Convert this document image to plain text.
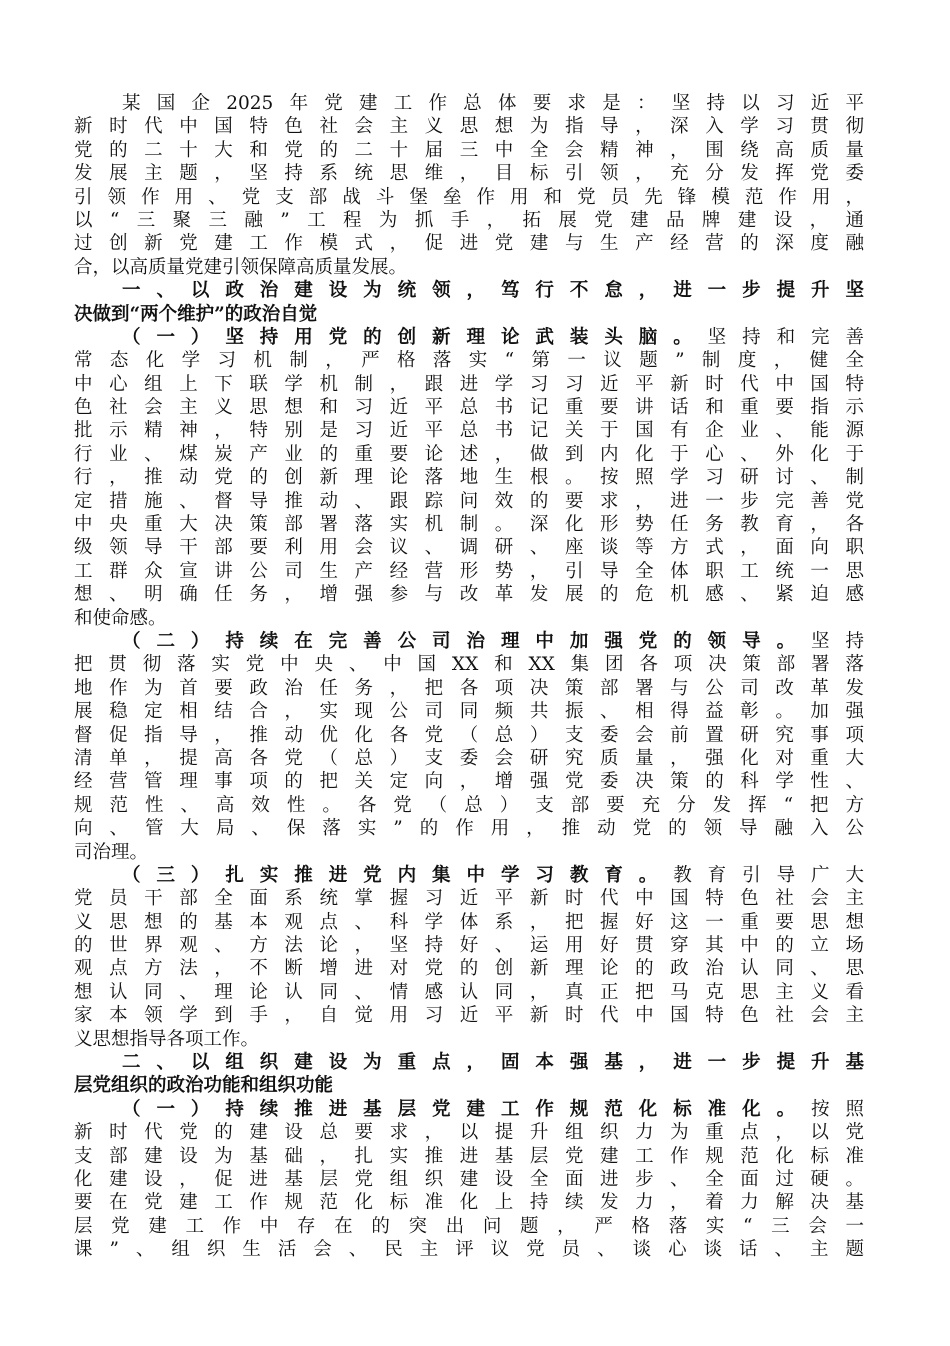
某国企2025年党建工作总体要求是：坚持以习近平
新时代中国特色社会主义思想为指导，深入学习贯彻
党的二十大和党的二十届三中全会精神，围绕高质量
发展主题，坚持系统思维，目标引领，充分发挥党委
引领作用、党支部战斗堡垒作用和党员先锋模范作用，
以“三聚三融”工程为抓手，拓展党建品牌建设，通
过创新党建工作模式，促进党建与生产经营的深度融
合，以高质量党建引领保障高质量发展。
一、以政治建设为统领，笃行不怠，进一步提升坚
决做到“两个维护”的政治自觉
（一）坚持用党的创新理论武装头脑。坚持和完善
常态化学习机制，严格落实“第一议题”制度，健全
中心组上下联学机制，跟进学习习近平新时代中国特
色社会主义思想和习近平总书记重要讲话和重要指示
批示精神，特别是习近平总书记关于国有企业、能源
行业、煤炭产业的重要论述，做到内化于心、外化于
行，推动党的创新理论落地生根。按照学习研讨、制
定措施、督导推动、跟踪问效的要求，进一步完善党
中央重大决策部署落实机制。深化形势任务教育，各
级领导干部要利用会议、调研、座谈等方式，面向职
工群众宣讲公司生产经营形势，引导全体职工统一思
想、明确任务，增强参与改革发展的危机感、紧迫感
和使命感。
（二）持续在完善公司治理中加强党的领导。坚持
把贯彻落实党中央、中国XX和XX集团各项决策部署落
地作为首要政治任务，把各项决策部署与公司改革发
展稳定相结合，实现公司同频共振、相得益彰。加强
督促指导，推动优化各党（总）支委会前置研究事项
清单，提高各党（总）支委会研究质量，强化对重大
经营管理事项的把关定向，增强党委决策的科学性、
规范性、高效性。各党（总）支部要充分发挥“把方
向、管大局、保落实”的作用，推动党的领导融入公
司治理。
（三）扎实推进党内集中学习教育。教育引导广大
党员干部全面系统掌握习近平新时代中国特色社会主
义思想的基本观点、科学体系，把握好这一重要思想
的世界观、方法论，坚持好、运用好贯穿其中的立场
观点方法，不断增进对党的创新理论的政治认同、思
想认同、理论认同、情感认同，真正把马克思主义看
家本领学到手，自觉用习近平新时代中国特色社会主
义思想指导各项工作。
二、以组织建设为重点，固本强基，进一步提升基
层党组织的政治功能和组织功能
（一）持续推进基层党建工作规范化标准化。按照
新时代党的建设总要求，以提升组织力为重点，以党
支部建设为基础，扎实推进基层党建工作规范化标准
化建设，促进基层党组织建设全面进步、全面过硬。
要在党建工作规范化标准化上持续发力，着力解决基
层党建工作中存在的突出问题，严格落实“三会一
课”、组织生活会、民主评议党员、谈心谈话、主题
